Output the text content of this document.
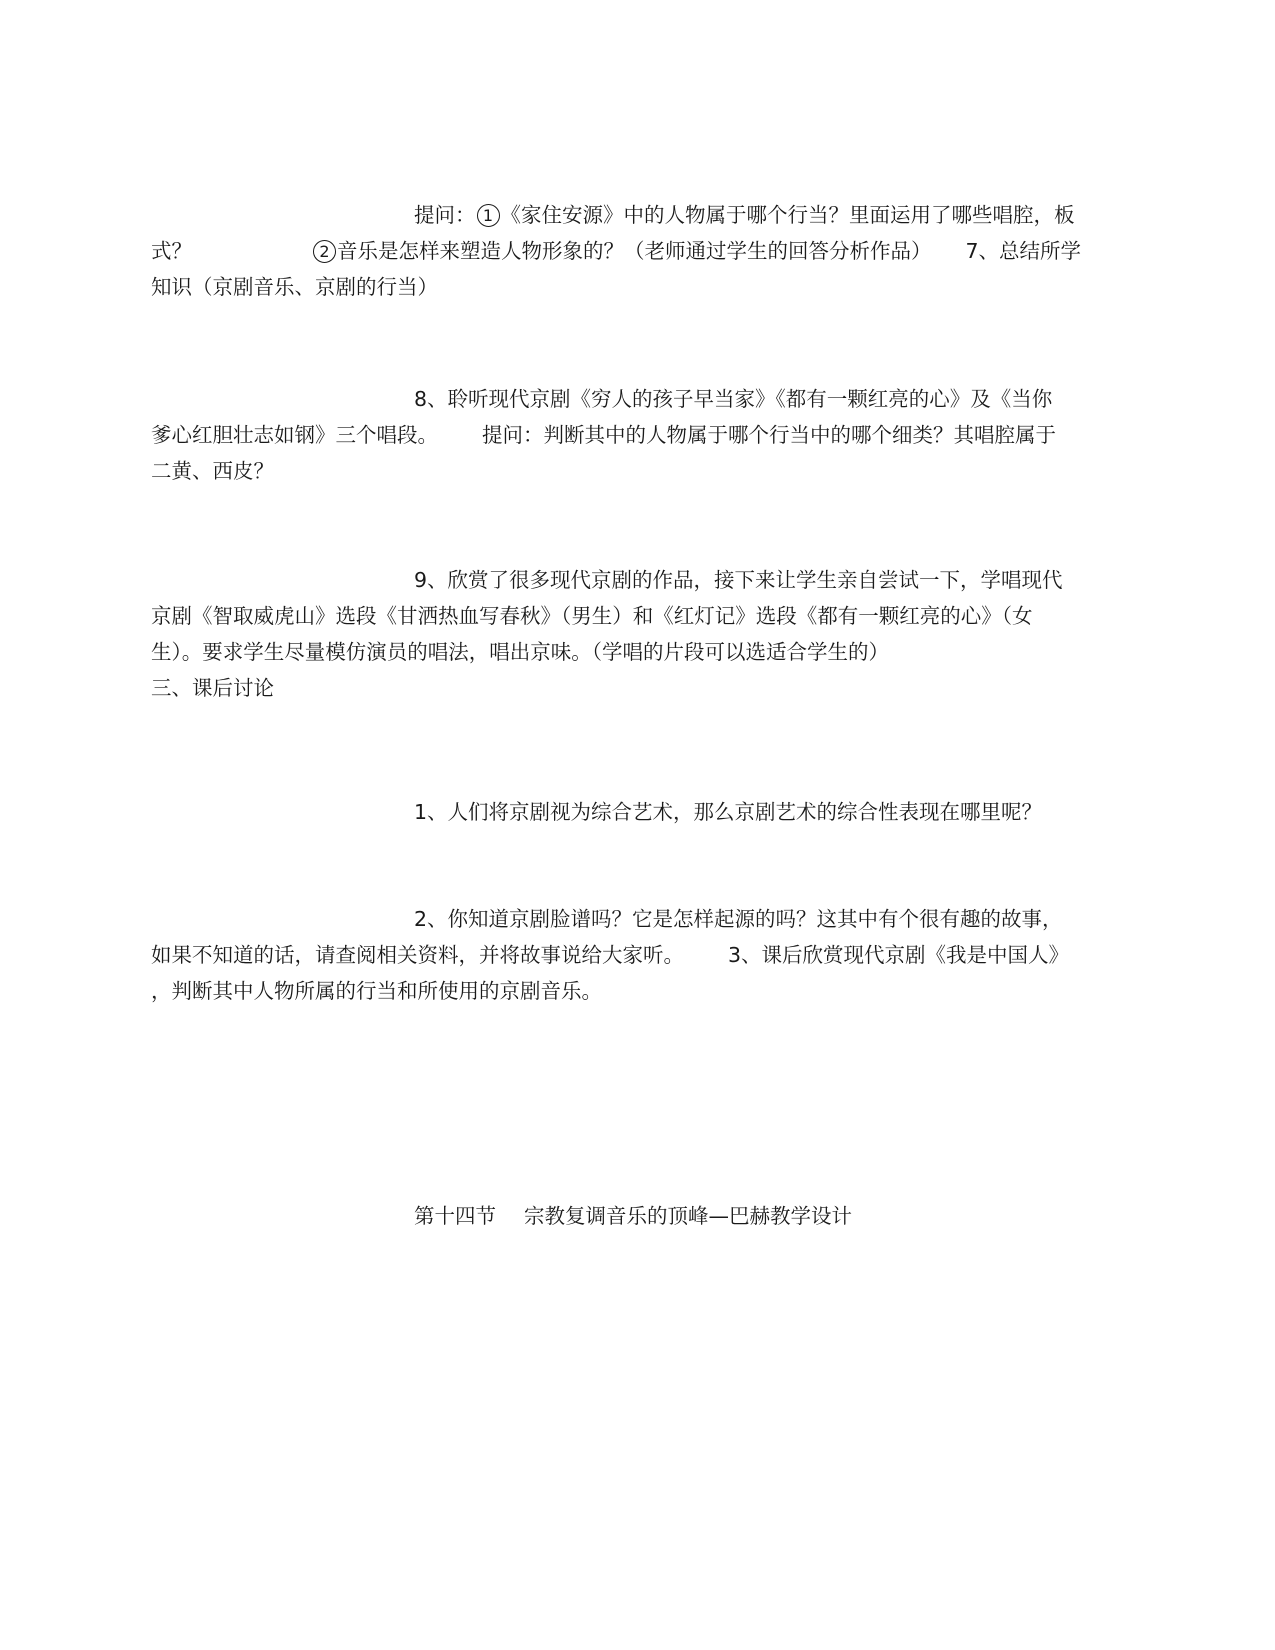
提问： 1 《家住安源》中的人物属于哪个行当？里面运用了哪些唱腔，板
式？	2 音乐是怎样来塑造人物形象的？（老师通过学生的回答分析作品） 7、总结所学
知识（京剧音乐、京剧的行当）
8、聆听现代京剧《穷人的孩子早当家》《都有一颗红亮的心》及《当你
爹心红胆壮志如钢》三个唱段。 提问：判断其中的人物属于哪个行当中的哪个细类？其唱腔属于
二黄、西皮？
9、欣赏了很多现代京剧的作品，接下来让学生亲自尝试一下，学唱现代
京剧《智取威虎山》选段《甘洒热血写春秋》（男生）和《红灯记》选段《都有一颗红亮的心》（女
生）。要求学生尽量模仿演员的唱法，唱出京味。（学唱的片段可以选适合学生的）
三、课后讨论
1、人们将京剧视为综合艺术，那么京剧艺术的综合性表现在哪里呢？
2、你知道京剧脸谱吗？它是怎样起源的吗？这其中有个很有趣的故事，
如果不知道的话，请查阅相关资料，并将故事说给大家听。 3、课后欣赏现代京剧《我是中国人》
，判断其中人物所属的行当和所使用的京剧音乐。
第十四节 宗教复调音乐的顶峰—巴赫教学设计
